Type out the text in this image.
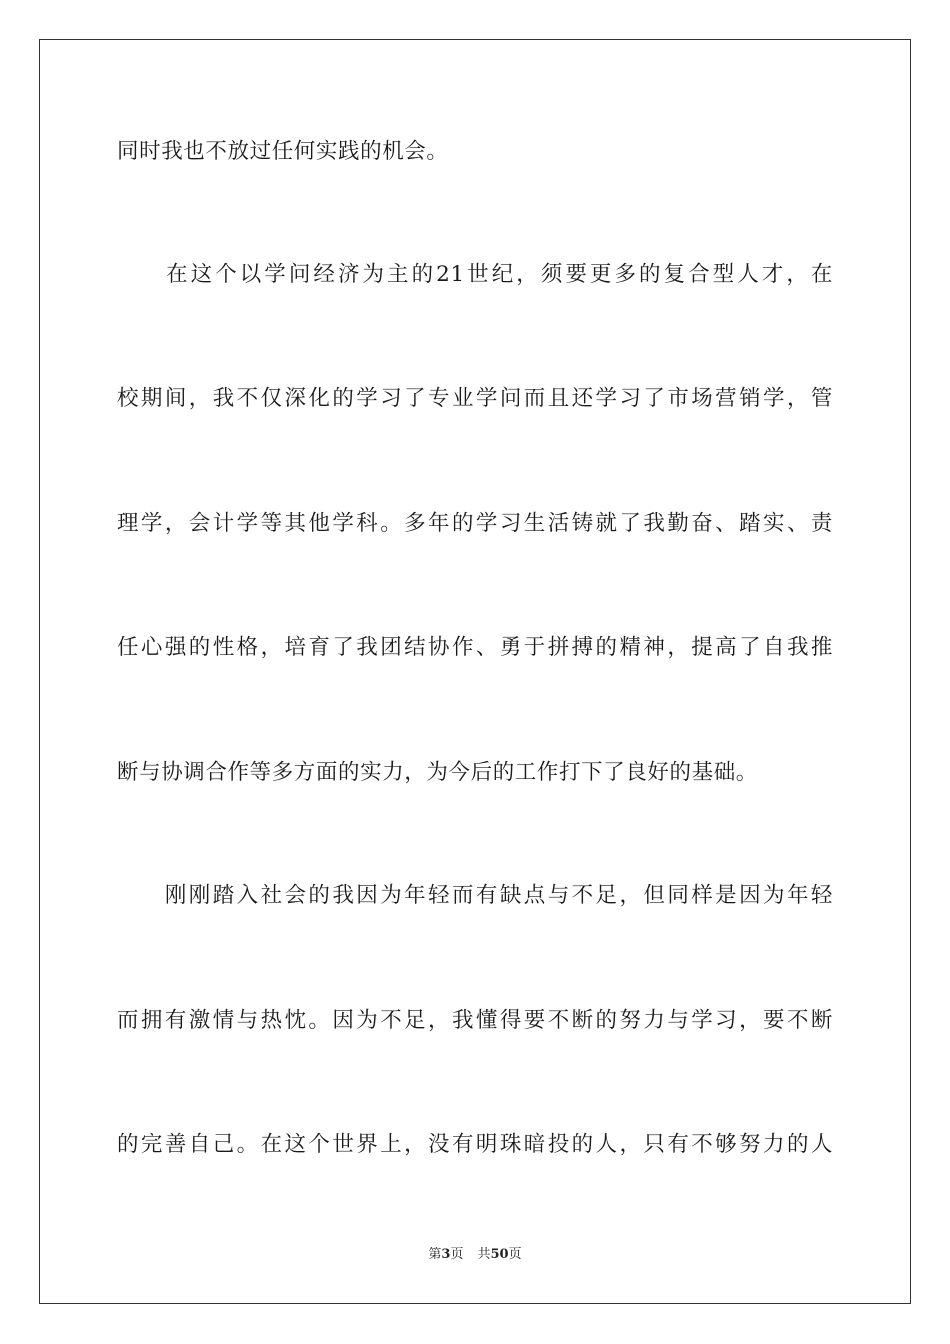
同时我也不放过任何实践的机会。
　　在这个以学问经济为主的21世纪，须要更多的复合型人才，在
校期间，我不仅深化的学习了专业学问而且还学习了市场营销学，管
理学，会计学等其他学科。多年的学习生活铸就了我勤奋、踏实、责
任心强的性格，培育了我团结协作、勇于拼搏的精神，提高了自我推
断与协调合作等多方面的实力，为今后的工作打下了良好的基础。
　　刚刚踏入社会的我因为年轻而有缺点与不足，但同样是因为年轻
而拥有激情与热忱。因为不足，我懂得要不断的努力与学习，要不断
的完善自己。在这个世界上，没有明珠暗投的人，只有不够努力的人
第3页 共50页
